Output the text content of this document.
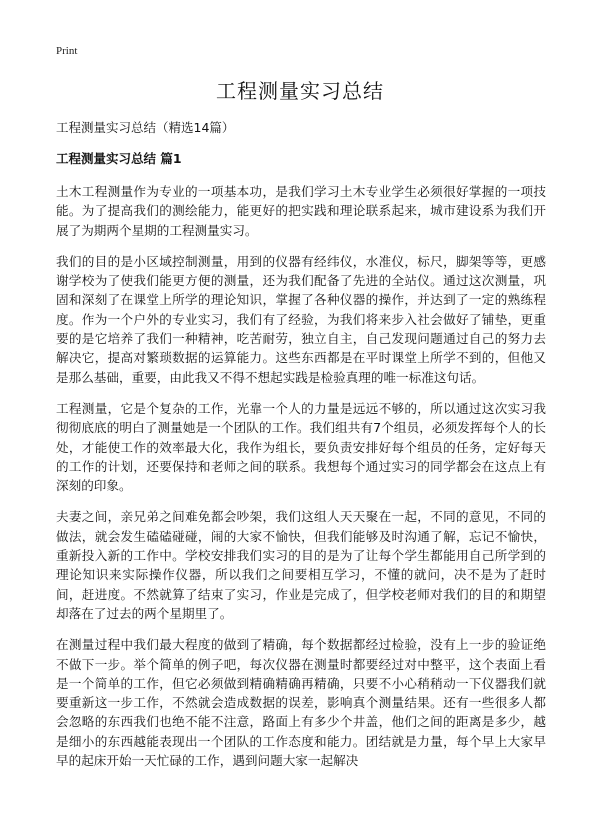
Print
工程测量实习总结
工程测量实习总结（精选14篇）
工程测量实习总结 篇1

土木工程测量作为专业的一项基本功，是我们学习土木专业学生必须很好掌握的一项技能。为了提高我们的测绘能力，能更好的把实践和理论联系起来，城市建设系为我们开展了为期两个星期的工程测量实习。

我们的目的是小区域控制测量，用到的仪器有经纬仪，水准仪，标尺，脚架等等，更感谢学校为了使我们能更方便的测量，还为我们配备了先进的全站仪。通过这次测量，巩固和深刻了在课堂上所学的理论知识，掌握了各种仪器的操作，并达到了一定的熟练程度。作为一个户外的专业实习，我们有了经验，为我们将来步入社会做好了铺垫，更重要的是它培养了我们一种精神，吃苦耐劳，独立自主，自己发现问题通过自己的努力去解决它，提高对繁琐数据的运算能力。这些东西都是在平时课堂上所学不到的，但他又是那么基础，重要，由此我又不得不想起实践是检验真理的唯一标准这句话。

工程测量，它是个复杂的工作，光靠一个人的力量是远远不够的，所以通过这次实习我彻彻底底的明白了测量她是一个团队的工作。我们组共有7个组员，必须发挥每个人的长处，才能使工作的效率最大化，我作为组长，要负责安排好每个组员的任务，定好每天的工作的计划，还要保持和老师之间的联系。我想每个通过实习的同学都会在这点上有深刻的印象。

夫妻之间，亲兄弟之间难免都会吵架，我们这组人天天聚在一起，不同的意见，不同的做法，就会发生磕磕碰碰，闹的大家不愉快，但我们能够及时沟通了解，忘记不愉快，重新投入新的工作中。学校安排我们实习的目的是为了让每个学生都能用自己所学到的理论知识来实际操作仪器，所以我们之间要相互学习，不懂的就问，决不是为了赶时间，赶进度。不然就算了结束了实习，作业是完成了，但学校老师对我们的目的和期望却落在了过去的两个星期里了。

在测量过程中我们最大程度的做到了精确，每个数据都经过检验，没有上一步的验证绝不做下一步。举个简单的例子吧，每次仪器在测量时都要经过对中整平，这个表面上看是一个简单的工作，但它必须做到精确精确再精确，只要不小心稍稍动一下仪器我们就要重新这一步工作，不然就会造成数据的误差，影响真个测量结果。还有一些很多人都会忽略的东西我们也绝不能不注意，路面上有多少个井盖，他们之间的距离是多少，越是细小的东西越能表现出一个团队的工作态度和能力。团结就是力量，每个早上大家早早的起床开始一天忙碌的工作，遇到问题大家一起解决
